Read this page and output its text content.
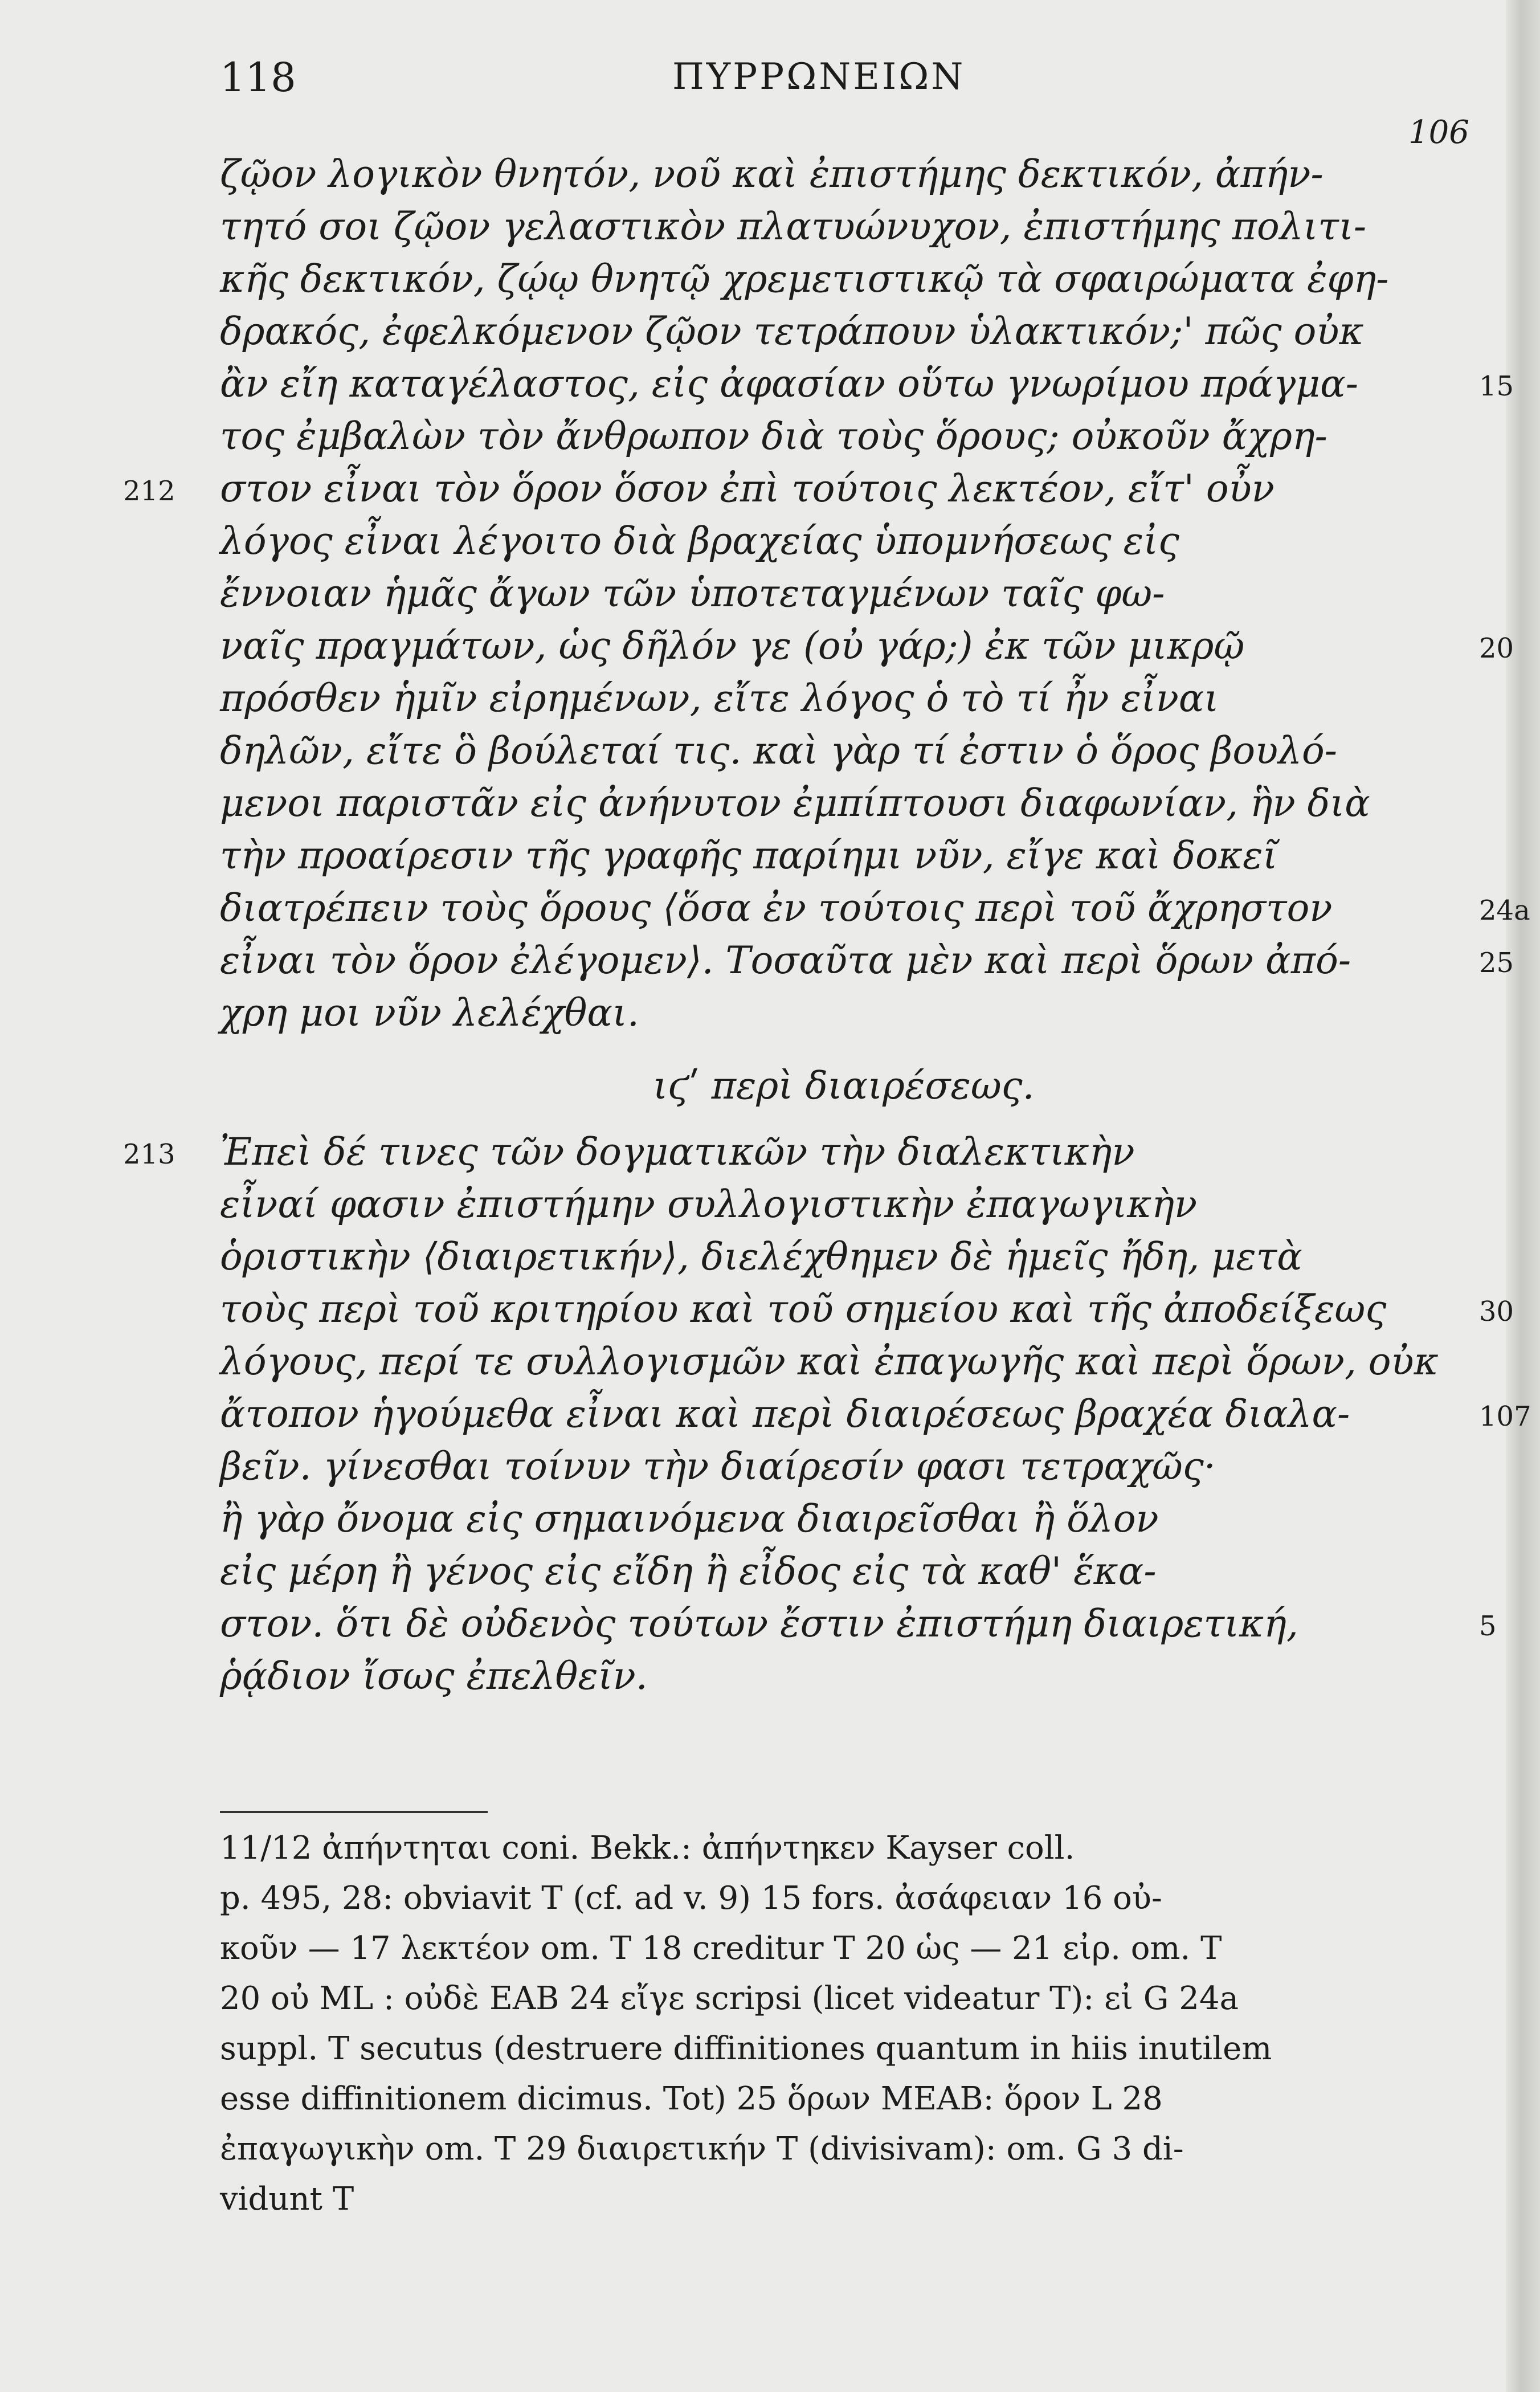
118	ΠΥΡΡΩΝΕΙΩΝ
106
ζῷον λογικὸν θνητόν, νοῦ καὶ ἐπιστήμης δεκτικόν, ἀπήν-
τητό σοι ζῷον γελαστικὸν πλατυώνυχον, ἐπιστήμης πολιτι-
κῆς δεκτικόν, ζῴῳ θνητῷ χρεμετιστικῷ τὰ σφαιρώματα ἐφη-
δρακός, ἐφελκόμενον ζῷον τετράπουν ὑλακτικόν;' πῶς οὐκ
ἂν εἴη καταγέλαστος, εἰς ἀφασίαν οὕτω γνωρίμου πράγμα-	15
τος ἐμβαλὼν τὸν ἄνθρωπον διὰ τοὺς ὅρους; οὐκοῦν ἄχρη-
στον εἶναι τὸν ὅρον ὅσον ἐπὶ τούτοις λεκτέον, εἴτ' οὖν
212
λόγος εἶναι λέγοιτο διὰ βραχείας ὑπομνήσεως εἰς
ἔννοιαν ἡμᾶς ἄγων τῶν ὑποτεταγμένων ταῖς φω-
ναῖς πραγμάτων, ὡς δῆλόν γε (οὐ γάρ;) ἐκ τῶν μικρῷ	20
πρόσθεν ἡμῖν εἰρημένων, εἴτε λόγος ὁ τὸ τί ἦν εἶναι
δηλῶν, εἴτε ὃ βούλεταί τις. καὶ γὰρ τί ἐστιν ὁ ὅρος βουλό-
μενοι παριστᾶν εἰς ἀνήνυτον ἐμπίπτουσι διαφωνίαν, ἣν διὰ
τὴν προαίρεσιν τῆς γραφῆς παρίημι νῦν, εἴγε καὶ δοκεῖ
διατρέπειν τοὺς ὅρους ⟨ὅσα ἐν τούτοις περὶ τοῦ ἄχρηστον	24a
εἶναι τὸν ὅρον ἐλέγομεν⟩. Τοσαῦτα μὲν καὶ περὶ ὅρων ἀπό-	25
χρη μοι νῦν λελέχθαι.
ιϛʹ περὶ διαιρέσεως.
Ἐπεὶ δέ τινες τῶν δογματικῶν τὴν διαλεκτικὴν
213
εἶναί φασιν ἐπιστήμην συλλογιστικὴν ἐπαγωγικὴν
ὁριστικὴν ⟨διαιρετικήν⟩, διελέχθημεν δὲ ἡμεῖς ἤδη, μετὰ
τοὺς περὶ τοῦ κριτηρίου καὶ τοῦ σημείου καὶ τῆς ἀποδείξεως	30
λόγους, περί τε συλλογισμῶν καὶ ἐπαγωγῆς καὶ περὶ ὅρων, οὐκ
ἄτοπον ἡγούμεθα εἶναι καὶ περὶ διαιρέσεως βραχέα διαλα-	107
βεῖν. γίνεσθαι τοίνυν τὴν διαίρεσίν φασι τετραχῶς·
ἢ γὰρ ὄνομα εἰς σημαινόμενα διαιρεῖσθαι ἢ ὅλον
εἰς μέρη ἢ γένος εἰς εἴδη ἢ εἶδος εἰς τὰ καθ' ἕκα-
στον. ὅτι δὲ οὐδενὸς τούτων ἔστιν ἐπιστήμη διαιρετική,	5
ῥᾴδιον ἴσως ἐπελθεῖν.
11/12 ἀπήντηται coni. Bekk.: ἀπήντηκεν Kayser coll.
p. 495, 28: obviavit T (cf. ad v. 9) 15 fors. ἀσάφειαν 16 οὐ-
κοῦν — 17 λεκτέον om. T 18 creditur T 20 ὡς — 21 εἰρ. om. T
20 οὐ ML : οὐδὲ EAB 24 εἴγε scripsi (licet videatur T): εἰ G 24a
suppl. T secutus (destruere diffinitiones quantum in hiis inutilem
esse diffinitionem dicimus. Tot) 25 ὅρων MEAB: ὅρον L 28
ἐπαγωγικὴν om. T 29 διαιρετικήν T (divisivam): om. G 3 di-
vidunt T
